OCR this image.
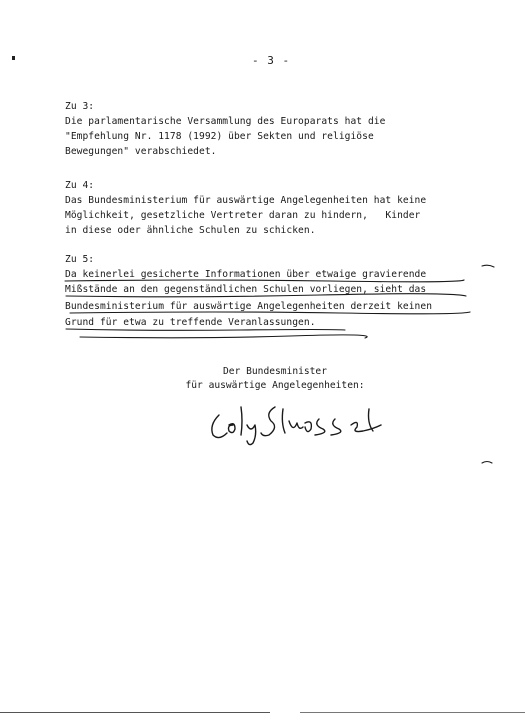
- 3 -
Zu 3:
Die parlamentarische Versammlung des Europarats hat die
"Empfehlung Nr. 1178 (1992) über Sekten und religiöse
Bewegungen" verabschiedet.
Zu 4:
Das Bundesministerium für auswärtige Angelegenheiten hat keine
Möglichkeit, gesetzliche Vertreter daran zu hindern,   Kinder
in diese oder ähnliche Schulen zu schicken.
Zu 5:
Da keinerlei gesicherte Informationen über etwaige gravierende
Mißstände an den gegenständlichen Schulen vorliegen, sieht das
Bundesministerium für auswärtige Angelegenheiten derzeit keinen
Grund für etwa zu treffende Veranlassungen.
Der Bundesminister
für auswärtige Angelegenheiten:
